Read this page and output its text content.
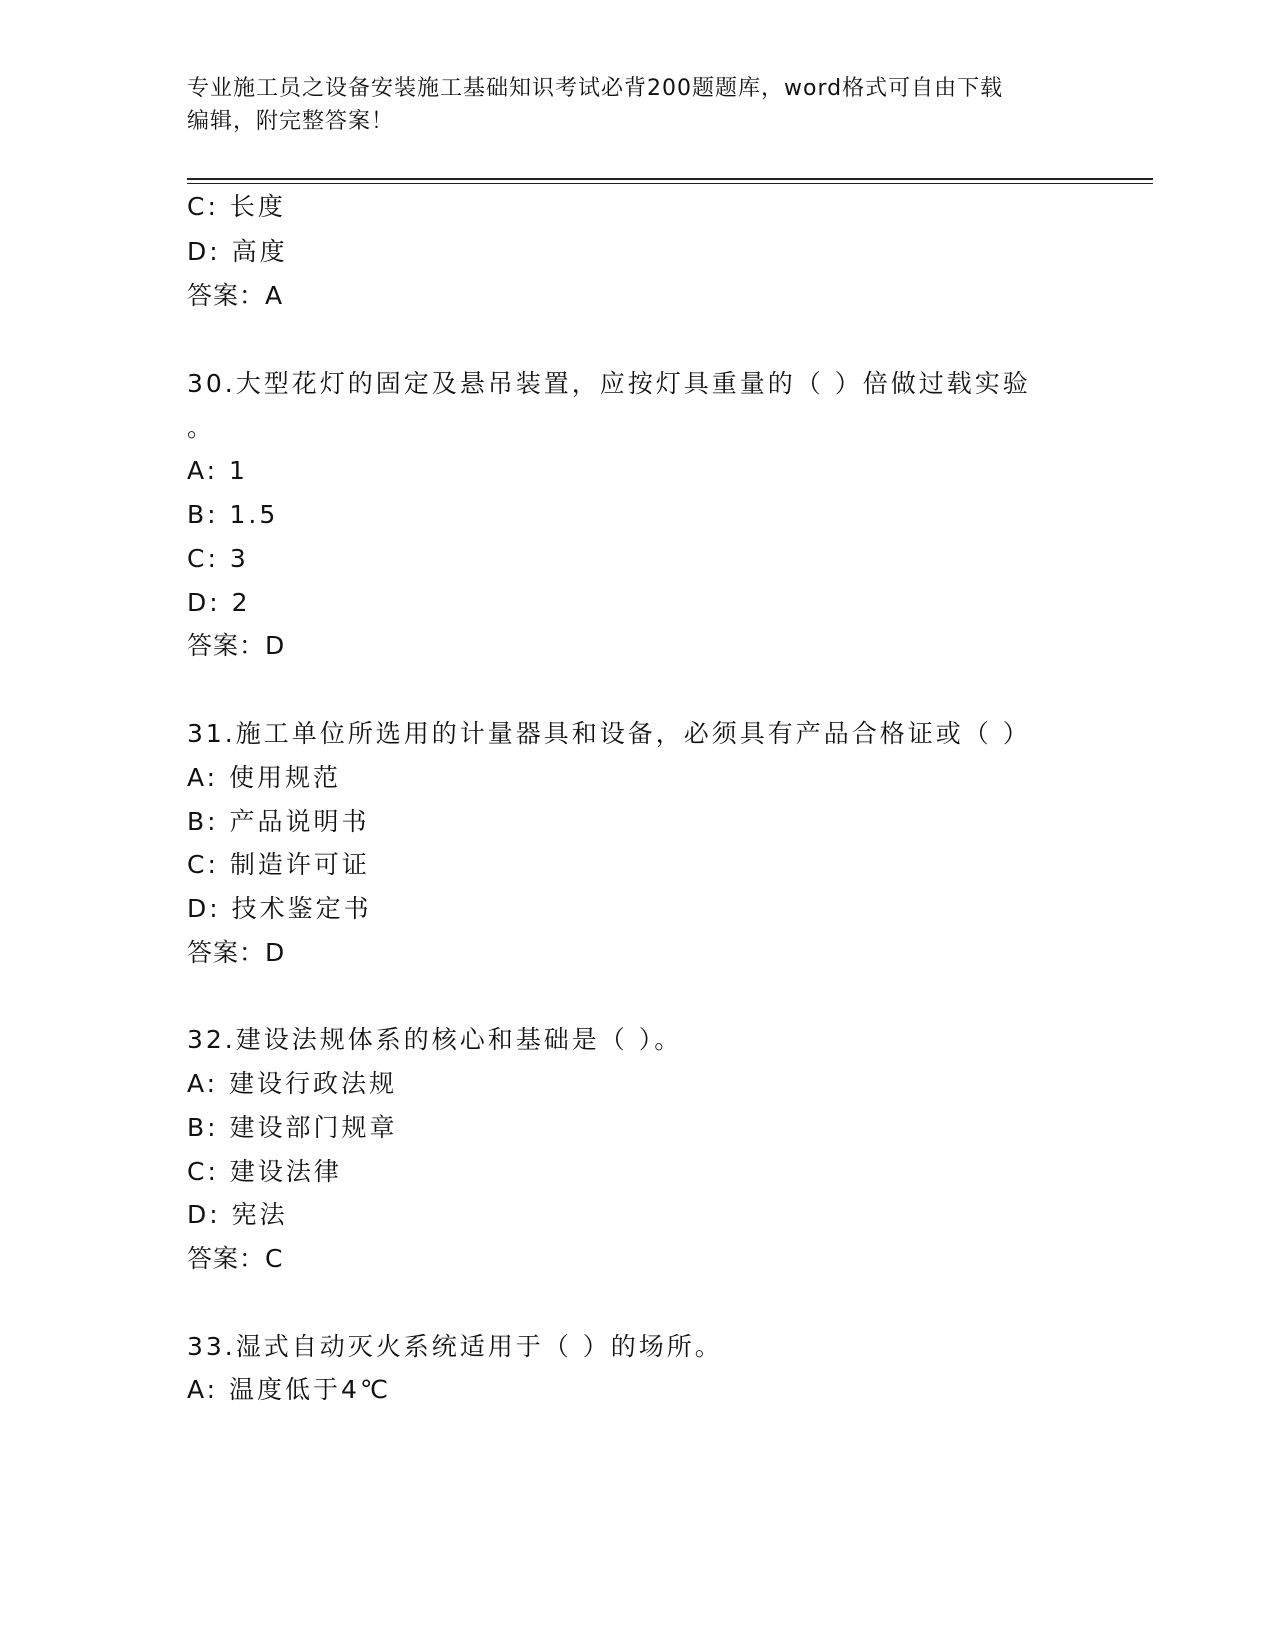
专业施工员之设备安装施工基础知识考试必背200题题库，word格式可自由下载
编辑，附完整答案！
C: 长度
D: 高度
答案：A
30.大型花灯的固定及悬吊装置，应按灯具重量的（ ）倍做过载实验
。
A: 1
B: 1.5
C: 3
D: 2
答案：D
31.施工单位所选用的计量器具和设备，必须具有产品合格证或（ ）
A: 使用规范
B: 产品说明书
C: 制造许可证
D: 技术鉴定书
答案：D
32.建设法规体系的核心和基础是（ ）。
A: 建设行政法规
B: 建设部门规章
C: 建设法律
D: 宪法
答案：C
33.湿式自动灭火系统适用于（ ）的场所。
A: 温度低于4℃
